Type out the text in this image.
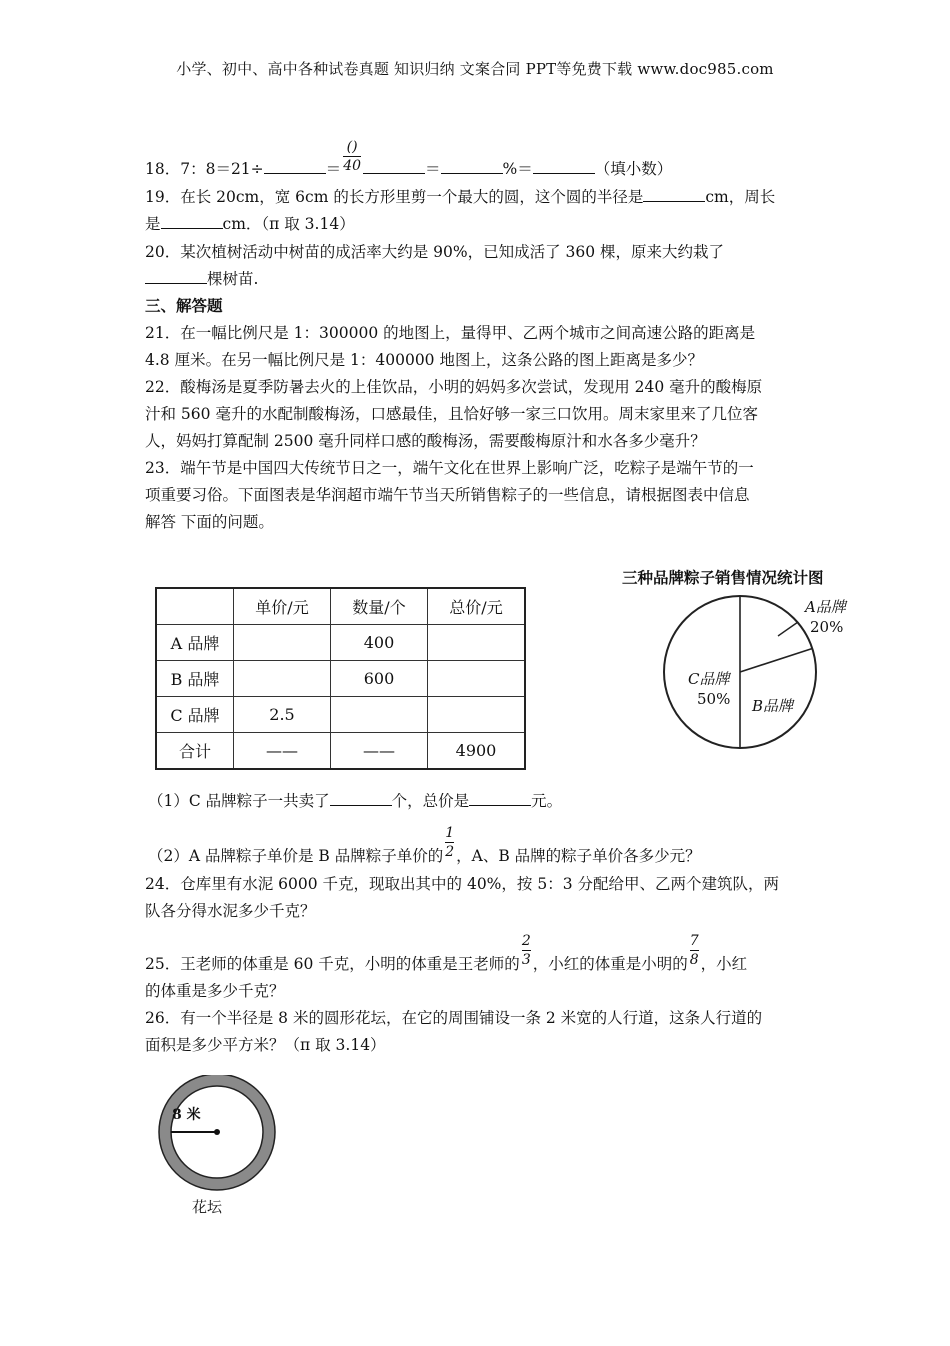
小学、初中、高中各种试卷真题 知识归纳 文案合同 PPT等免费下载 www.doc985.com
18．7：8＝21÷	＝ $\frac{()}{40}$	＝	%＝	（填小数）
19．在长 20cm，宽 6cm 的长方形里剪一个最大的圆，这个圆的半径是	cm，周长
是	cm．（π 取 3.14）
20．某次植树活动中树苗的成活率大约是 90%，已知成活了 360 棵，原来大约栽了
棵树苗.
三、解答题
21．在一幅比例尺是 1：300000 的地图上，量得甲、乙两个城市之间高速公路的距离是
4.8 厘米。在另一幅比例尺是 1：400000 地图上，这条公路的图上距离是多少？
22．酸梅汤是夏季防暑去火的上佳饮品，小明的妈妈多次尝试，发现用 240 毫升的酸梅原
汁和 560 毫升的水配制酸梅汤，口感最佳，且恰好够一家三口饮用。周末家里来了几位客
人，妈妈打算配制 2500 毫升同样口感的酸梅汤，需要酸梅原汁和水各多少毫升？
23．端午节是中国四大传统节日之一，端午文化在世界上影响广泛，吃粽子是端午节的一
项重要习俗。下面图表是华润超市端午节当天所销售粽子的一些信息，请根据图表中信息
解答 下面的问题。
	单价/元	数量/个	总价/元
A 品牌		400	
B 品牌		600	
C 品牌	2.5		
合计	——	——	4900
三种品牌粽子销售情况统计图
A品牌
20%
B品牌
C品牌
50%
（1）C 品牌粽子一共卖了	个，总价是	元。
（2）A 品牌粽子单价是 B 品牌粽子单价的 $\frac{1}{2}$ ，A、B 品牌的粽子单价各多少元？
24．仓库里有水泥 6000 千克，现取出其中的 40%，按 5：3 分配给甲、乙两个建筑队，两
队各分得水泥多少千克？
25．王老师的体重是 60 千克，小明的体重是王老师的 $\frac{2}{3}$ ，小红的体重是小明的 $\frac{7}{8}$ ，小红
的体重是多少千克？
26．有一个半径是 8 米的圆形花坛，在它的周围铺设一条 2 米宽的人行道，这条人行道的
面积是多少平方米？（π 取 3.14）
8 米
花坛
